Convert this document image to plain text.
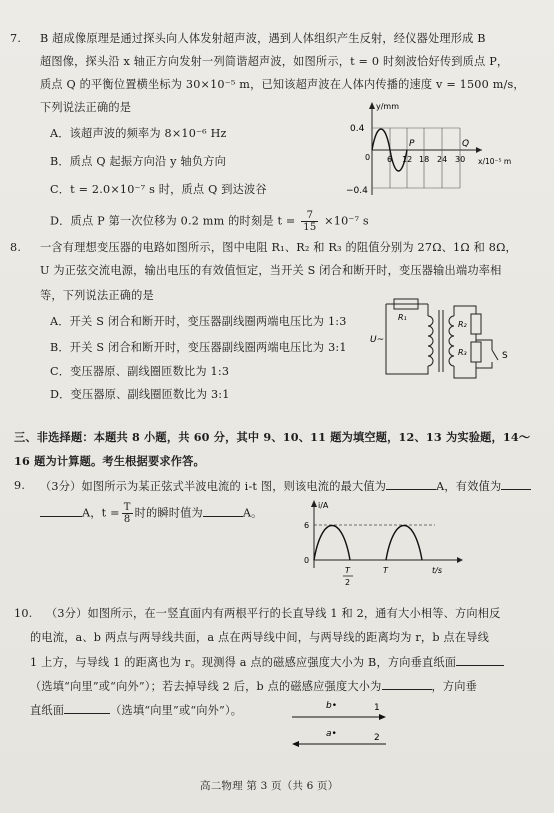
7. B 超成像原理是通过探头向人体发射超声波，遇到人体组织产生反射，经仪器处理形成 B
超图像，探头沿 x 轴正方向发射一列简谐超声波，如图所示，t = 0 时刻波恰好传到质点 P，
质点 Q 的平衡位置横坐标为 30×10⁻⁵ m，已知该超声波在人体内传播的速度 v = 1500 m/s，
下列说法正确的是
A．该超声波的频率为 8×10⁻⁶ Hz
B．质点 Q 起振方向沿 y 轴负方向
C．t = 2.0×10⁻⁷ s 时，质点 Q 到达波谷
D．质点 P 第一次位移为 0.2 mm 的时刻是 $t = \frac{7}{15} \times 10^{-7}$ s
0.4
−0.4
y/mm
0 6 12 18 24 30
P	Q
x/10⁻⁵ m
8. 一含有理想变压器的电路如图所示，图中电阻 R₁、R₂ 和 R₃ 的阻值分别为 27Ω、1Ω 和 8Ω，
U 为正弦交流电源，输出电压的有效值恒定，当开关 S 闭合和断开时，变压器输出端功率相
等，下列说法正确的是
A．开关 S 闭合和断开时，变压器副线圈两端电压比为 1:3
B．开关 S 闭合和断开时，变压器副线圈两端电压比为 3:1
C．变压器原、副线圈匝数比为 1:3
D．变压器原、副线圈匝数比为 3:1
R₁
R₂
R₃
U~
S
三、非选择题：本题共 8 小题，共 60 分，其中 9、10、11 题为填空题，12、13 为实验题，14～
16 题为计算题。考生根据要求作答。
9. （3分）如图所示为某正弦式半波电流的 i-t 图，则该电流的最大值为	A，有效值为
A，$t = \frac{T}{8}$ 时的瞬时值为	A。
i/A
6
0
T
2
T	t/s
10. （3分）如图所示，在一竖直面内有两根平行的长直导线 1 和 2，通有大小相等、方向相反
的电流，a、b 两点与两导线共面，a 点在两导线中间，与两导线的距离均为 r，b 点在导线
1 上方，与导线 1 的距离也为 r。现测得 a 点的磁感应强度大小为 B，方向垂直纸面
（选填“向里”或“向外”）；若去掉导线 2 后，b 点的磁感应强度大小为	，方向垂
直纸面	（选填“向里”或“向外”）。	b•
a•
1
2
高二物理 第 3 页（共 6 页）
